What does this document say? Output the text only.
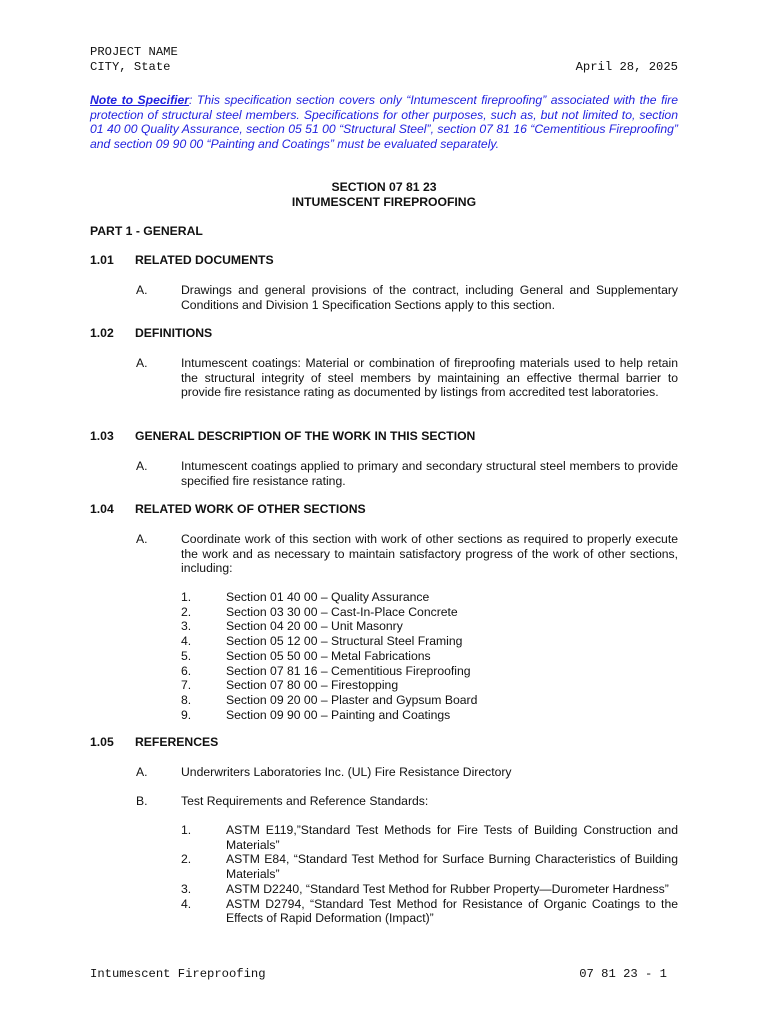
PROJECT NAME
CITY, State	April 28, 2025
Note to Specifier: This specification section covers only “Intumescent fireproofing” associated with the fire protection of structural steel members. Specifications for other purposes, such as, but not limited to, section 01 40 00 Quality Assurance, section 05 51 00 “Structural Steel”, section 07 81 16 “Cementitious Fireproofing” and section 09 90 00 “Painting and Coatings” must be evaluated separately.
SECTION 07 81 23
INTUMESCENT FIREPROOFING
PART 1 - GENERAL
1.01 RELATED DOCUMENTS
A.	Drawings and general provisions of the contract, including General and Supplementary Conditions and Division 1 Specification Sections apply to this section.
1.02 DEFINITIONS
A.	Intumescent coatings: Material or combination of fireproofing materials used to help retain the structural integrity of steel members by maintaining an effective thermal barrier to provide fire resistance rating as documented by listings from accredited test laboratories.
1.03 GENERAL DESCRIPTION OF THE WORK IN THIS SECTION
A.	Intumescent coatings applied to primary and secondary structural steel members to provide specified fire resistance rating.
1.04 RELATED WORK OF OTHER SECTIONS
A.	Coordinate work of this section with work of other sections as required to properly execute the work and as necessary to maintain satisfactory progress of the work of other sections, including:
1.	Section 01 40 00 – Quality Assurance
2.	Section 03 30 00 – Cast-In-Place Concrete
3.	Section 04 20 00 – Unit Masonry
4.	Section 05 12 00 – Structural Steel Framing
5.	Section 05 50 00 – Metal Fabrications
6.	Section 07 81 16 – Cementitious Fireproofing
7.	Section 07 80 00 – Firestopping
8.	Section 09 20 00 – Plaster and Gypsum Board
9.	Section 09 90 00 – Painting and Coatings
1.05 REFERENCES
A.	Underwriters Laboratories Inc. (UL) Fire Resistance Directory
B.	Test Requirements and Reference Standards:
1.	ASTM E119,”Standard Test Methods for Fire Tests of Building Construction and Materials”
2.	ASTM E84, “Standard Test Method for Surface Burning Characteristics of Building Materials”
3.	ASTM D2240, “Standard Test Method for Rubber Property—Durometer Hardness”
4.	ASTM D2794, “Standard Test Method for Resistance of Organic Coatings to the Effects of Rapid Deformation (Impact)”
Intumescent Fireproofing	07 81 23 - 1
